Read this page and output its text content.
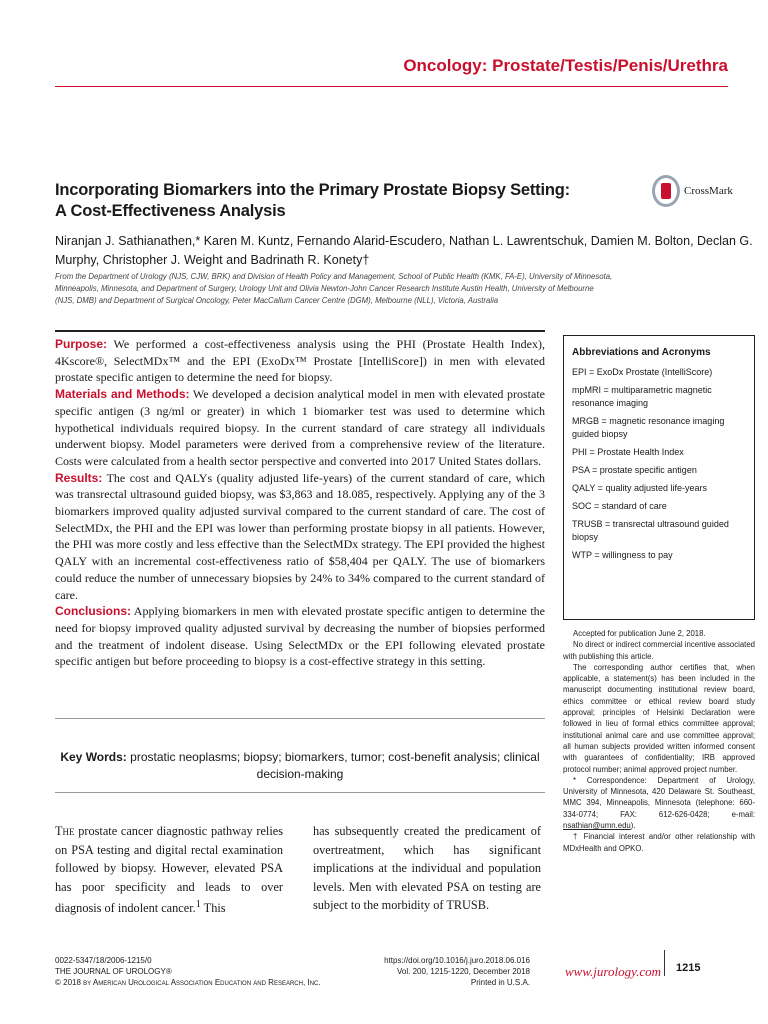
Oncology: Prostate/Testis/Penis/Urethra
Incorporating Biomarkers into the Primary Prostate Biopsy Setting: A Cost-Effectiveness Analysis
CrossMark
Niranjan J. Sathianathen,* Karen M. Kuntz, Fernando Alarid-Escudero, Nathan L. Lawrentschuk, Damien M. Bolton, Declan G. Murphy, Christopher J. Weight and Badrinath R. Konety†
From the Department of Urology (NJS, CJW, BRK) and Division of Health Policy and Management, School of Public Health (KMK, FA-E), University of Minnesota, Minneapolis, Minnesota, and Department of Surgery, Urology Unit and Olivia Newton-John Cancer Research Institute Austin Health, University of Melbourne (NJS, DMB) and Department of Surgical Oncology, Peter MacCallum Cancer Centre (DGM), Melbourne (NLL), Victoria, Australia

Purpose: We performed a cost-effectiveness analysis using the PHI (Prostate Health Index), 4Kscore®, SelectMDx™ and the EPI (ExoDx™ Prostate [IntelliScore]) in men with elevated prostate specific antigen to determine the need for biopsy.

Materials and Methods: We developed a decision analytical model in men with elevated prostate specific antigen (3 ng/ml or greater) in which 1 biomarker test was used to determine which hypothetical individuals required biopsy. In the current standard of care strategy all individuals underwent biopsy. Model parameters were derived from a comprehensive review of the literature. Costs were calculated from a health sector perspective and converted into 2017 United States dollars.

Results: The cost and QALYs (quality adjusted life-years) of the current standard of care, which was transrectal ultrasound guided biopsy, was $3,863 and 18.085, respectively. Applying any of the 3 biomarkers improved quality adjusted survival compared to the current standard of care. The cost of SelectMDx, the PHI and the EPI was lower than performing prostate biopsy in all patients. However, the PHI was more costly and less effective than the SelectMDx strategy. The EPI provided the highest QALY with an incremental cost-effectiveness ratio of $58,404 per QALY. The use of biomarkers could reduce the number of unnecessary biopsies by 24% to 34% compared to the current standard of care.

Conclusions: Applying biomarkers in men with elevated prostate specific antigen to determine the need for biopsy improved quality adjusted survival by decreasing the number of biopsies performed and the treatment of indolent disease. Using SelectMDx or the EPI following elevated prostate specific antigen but before proceeding to biopsy is a cost-effective strategy in this setting.

Key Words: prostatic neoplasms; biopsy; biomarkers, tumor; cost-benefit analysis; clinical decision-making
Abbreviations and Acronyms
EPI = ExoDx Prostate (IntelliScore)
mpMRI = multiparametric magnetic resonance imaging
MRGB = magnetic resonance imaging guided biopsy
PHI = Prostate Health Index
PSA = prostate specific antigen
QALY = quality adjusted life-years
SOC = standard of care
TRUSB = transrectal ultrasound guided biopsy
WTP = willingness to pay

Accepted for publication June 2, 2018.

No direct or indirect commercial incentive associated with publishing this article.

The corresponding author certifies that, when applicable, a statement(s) has been included in the manuscript documenting institutional review board, ethics committee or ethical review board study approval; principles of Helsinki Declaration were followed in lieu of formal ethics committee approval; institutional animal care and use committee approval; all human subjects provided written informed consent with guarantees of confidentiality; IRB approved protocol number; animal approved project number.

* Correspondence: Department of Urology, University of Minnesota, 420 Delaware St. Southeast, MMC 394, Minneapolis, Minnesota (telephone: 660-334-0774; FAX: 612-626-0428; e-mail: nsathian@umn.edu).

† Financial interest and/or other relationship with MDxHealth and OPKO.

The prostate cancer diagnostic pathway relies on PSA testing and digital rectal examination followed by biopsy. However, elevated PSA has poor specificity and leads to over diagnosis of indolent cancer.$^1$ This
has subsequently created the predicament of overtreatment, which has significant implications at the individual and population levels. Men with elevated PSA on testing are subject to the morbidity of TRUSB.
0022-5347/18/2006-1215/0
THE JOURNAL OF UROLOGY®
© 2018 by American Urological Association Education and Research, Inc.
https://doi.org/10.1016/j.juro.2018.06.016
Vol. 200, 1215-1220, December 2018
Printed in U.S.A.
www.jurology.com 1215
